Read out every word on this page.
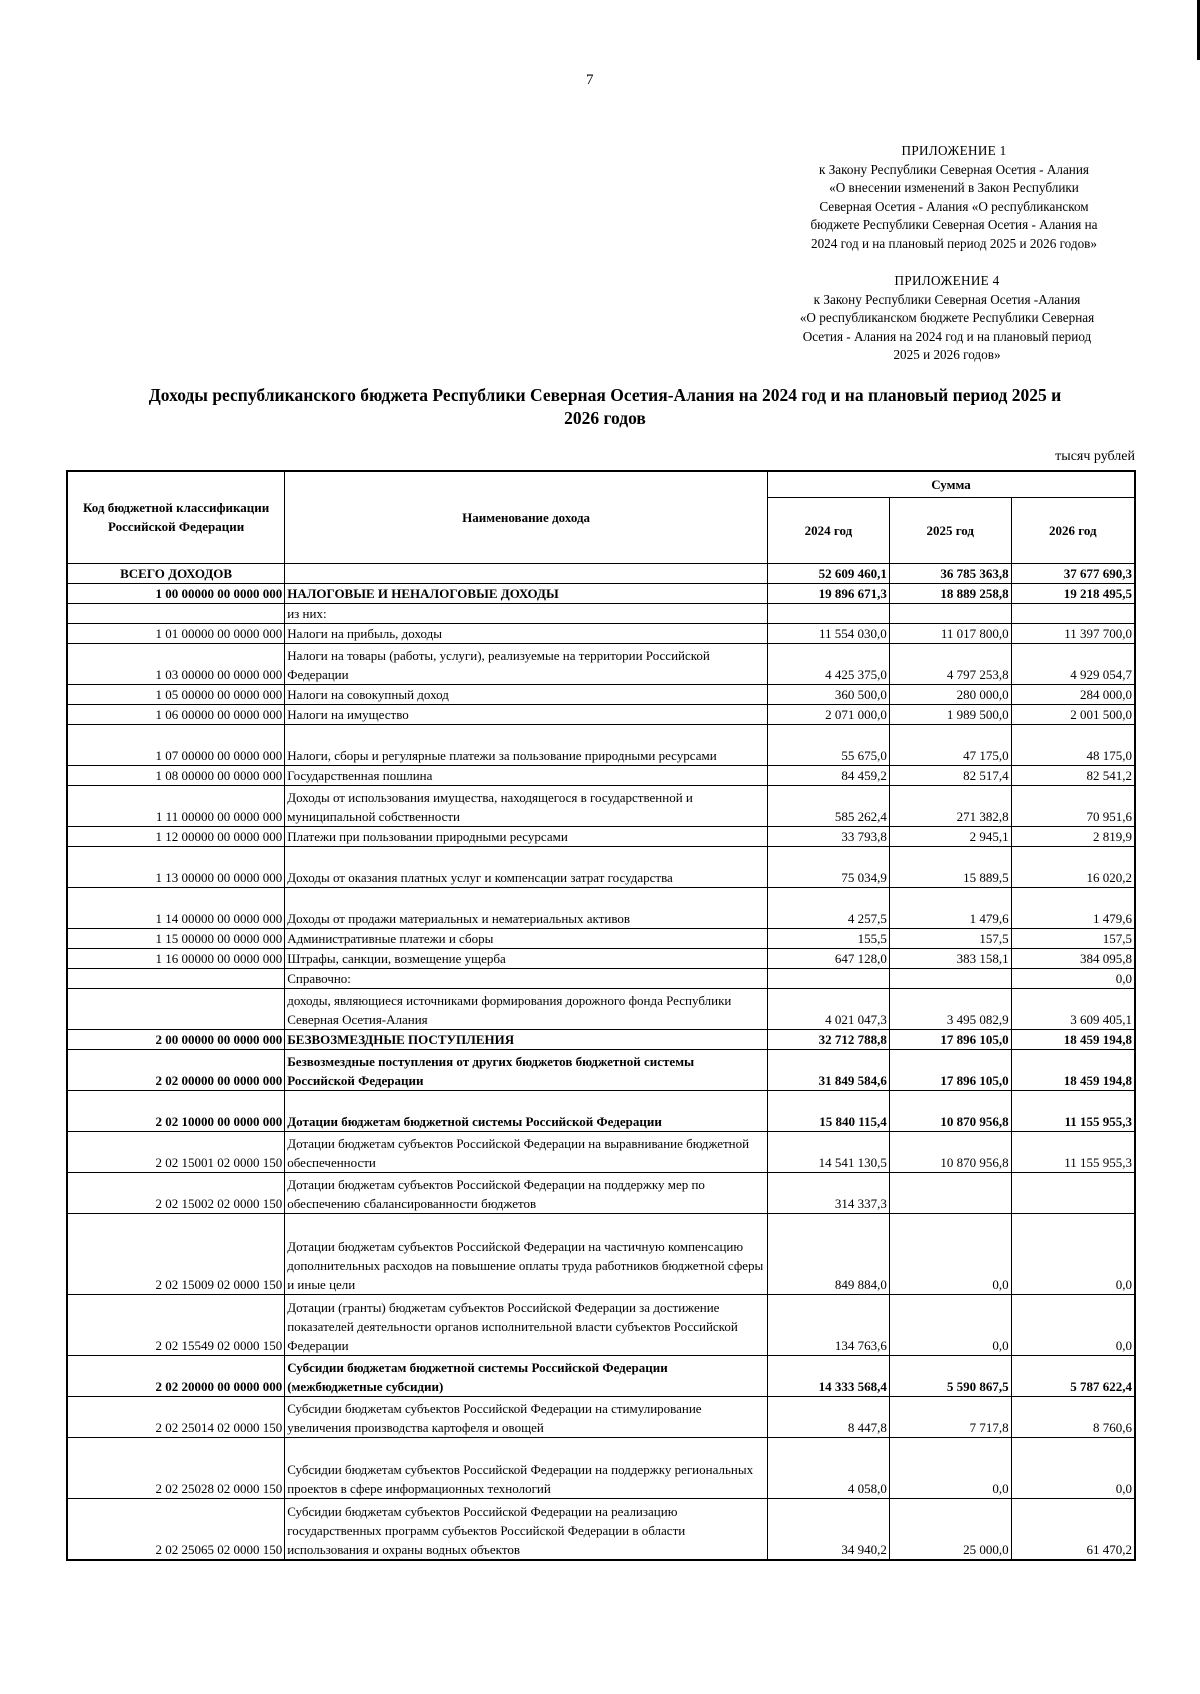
7
ПРИЛОЖЕНИЕ 1
к Закону Республики Северная Осетия - Алания
«О внесении изменений в Закон Республики
Северная Осетия - Алания «О республиканском
бюджете Республики Северная Осетия - Алания на
2024 год и на плановый период 2025 и 2026 годов»
ПРИЛОЖЕНИЕ 4
к Закону Республики Северная Осетия -Алания
«О республиканском бюджете Республики Северная
Осетия - Алания на 2024 год и на плановый период
2025 и 2026 годов»
Доходы республиканского бюджета Республики Северная Осетия-Алания на 2024 год и на плановый период 2025 и
2026 годов
тысяч рублей
Код бюджетной классификации Российской Федерации	Наименование дохода	Сумма		
		2024 год	2025 год	2026 год
ВСЕГО ДОХОДОВ		52 609 460,1	36 785 363,8	37 677 690,3
1 00 00000 00 0000 000	НАЛОГОВЫЕ И НЕНАЛОГОВЫЕ ДОХОДЫ	19 896 671,3	18 889 258,8	19 218 495,5
	из них:			
1 01 00000 00 0000 000	Налоги на прибыль, доходы	11 554 030,0	11 017 800,0	11 397 700,0
1 03 00000 00 0000 000	Налоги на товары (работы, услуги), реализуемые на территории Российской Федерации	4 425 375,0	4 797 253,8	4 929 054,7
1 05 00000 00 0000 000	Налоги на совокупный доход	360 500,0	280 000,0	284 000,0
1 06 00000 00 0000 000	Налоги на имущество	2 071 000,0	1 989 500,0	2 001 500,0
1 07 00000 00 0000 000	Налоги, сборы и регулярные платежи за пользование природными ресурсами	55 675,0	47 175,0	48 175,0
1 08 00000 00 0000 000	Государственная пошлина	84 459,2	82 517,4	82 541,2
1 11 00000 00 0000 000	Доходы от использования имущества, находящегося в государственной и муниципальной собственности	585 262,4	271 382,8	70 951,6
1 12 00000 00 0000 000	Платежи при пользовании природными ресурсами	33 793,8	2 945,1	2 819,9
1 13 00000 00 0000 000	Доходы от оказания платных услуг и компенсации затрат государства	75 034,9	15 889,5	16 020,2
1 14 00000 00 0000 000	Доходы от продажи материальных и нематериальных активов	4 257,5	1 479,6	1 479,6
1 15 00000 00 0000 000	Административные платежи и сборы	155,5	157,5	157,5
1 16 00000 00 0000 000	Штрафы, санкции, возмещение ущерба	647 128,0	383 158,1	384 095,8
	Справочно:			0,0
	доходы, являющиеся источниками формирования дорожного фонда Республики Северная Осетия-Алания	4 021 047,3	3 495 082,9	3 609 405,1
2 00 00000 00 0000 000	БЕЗВОЗМЕЗДНЫЕ ПОСТУПЛЕНИЯ	32 712 788,8	17 896 105,0	18 459 194,8
2 02 00000 00 0000 000	Безвозмездные поступления от других бюджетов бюджетной системы Российской Федерации	31 849 584,6	17 896 105,0	18 459 194,8
2 02 10000 00 0000 000	Дотации бюджетам бюджетной системы Российской Федерации	15 840 115,4	10 870 956,8	11 155 955,3
2 02 15001 02 0000 150	Дотации бюджетам субъектов Российской Федерации на выравнивание бюджетной обеспеченности	14 541 130,5	10 870 956,8	11 155 955,3
2 02 15002 02 0000 150	Дотации бюджетам субъектов Российской Федерации на поддержку мер по обеспечению сбалансированности бюджетов	314 337,3		
2 02 15009 02 0000 150	Дотации бюджетам субъектов Российской Федерации на частичную компенсацию дополнительных расходов на повышение оплаты труда работников бюджетной сферы и иные цели	849 884,0	0,0	0,0
2 02 15549 02 0000 150	Дотации (гранты) бюджетам субъектов Российской Федерации за достижение показателей деятельности органов исполнительной власти субъектов Российской Федерации	134 763,6	0,0	0,0
2 02 20000 00 0000 000	Субсидии бюджетам бюджетной системы Российской Федерации (межбюджетные субсидии)	14 333 568,4	5 590 867,5	5 787 622,4
2 02 25014 02 0000 150	Субсидии бюджетам субъектов Российской Федерации на стимулирование увеличения производства картофеля и овощей	8 447,8	7 717,8	8 760,6
2 02 25028 02 0000 150	Субсидии бюджетам субъектов Российской Федерации на поддержку региональных проектов в сфере информационных технологий	4 058,0	0,0	0,0
2 02 25065 02 0000 150	Субсидии бюджетам субъектов Российской Федерации на реализацию государственных программ субъектов Российской Федерации в области использования и охраны водных объектов	34 940,2	25 000,0	61 470,2
